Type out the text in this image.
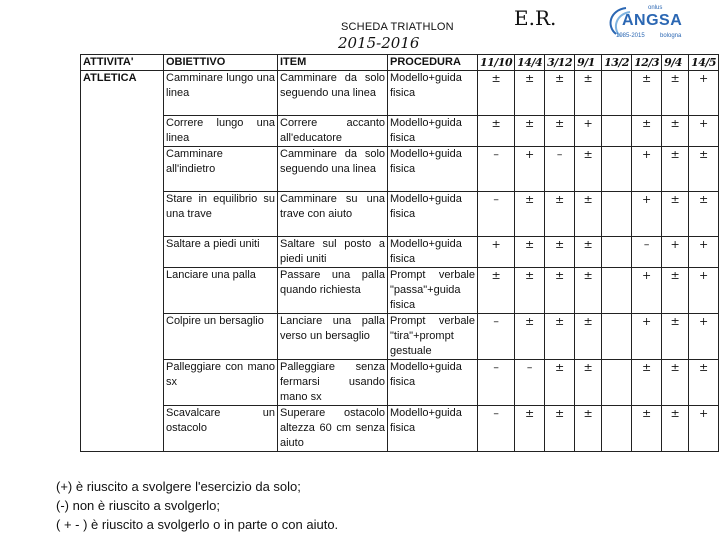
E.R.
SCHEDA TRIATHLON
2015-2016
onlus
ANGSA
1985-2015	bologna
ATTIVITA'	OBIETTIVO	ITEM	PROCEDURA	11/10	14/4	3/12	9/1	13/2	12/3	9/4	14/5
ATLETICA	Camminare lungo una linea	Camminare da solo seguendo una linea	Modello+guida fisica	±	±	±	±		±	±	+
	Correre lungo una linea	Correre accanto all'educatore	Modello+guida fisica	±	±	±	+		±	±	+
	Camminare all'indietro	Camminare da solo seguendo una linea	Modello+guida fisica	–	+	–	±		+	±	±
	Stare in equilibrio su una trave	Camminare su una trave con aiuto	Modello+guida fisica	–	±	±	±		+	±	±
	Saltare a piedi uniti	Saltare sul posto a piedi uniti	Modello+guida fisica	+	±	±	±		–	+	+
	Lanciare una palla	Passare una palla quando richiesta	Prompt verbale "passa"+guida fisica	±	±	±	±		+	±	+
	Colpire un bersaglio	Lanciare una palla verso un bersaglio	Prompt verbale "tira"+prompt gestuale	–	±	±	±		+	±	+
	Palleggiare con mano sx	Palleggiare senza fermarsi usando mano sx	Modello+guida fisica	–	–	±	±		±	±	±
	Scavalcare un ostacolo	Superare ostacolo altezza 60 cm senza aiuto	Modello+guida fisica	–	±	±	±		±	±	+
(+) è riuscito a svolgere l'esercizio da solo;
(-) non è riuscito a svolgerlo;
( + - ) è riuscito a svolgerlo o in parte o con aiuto.
